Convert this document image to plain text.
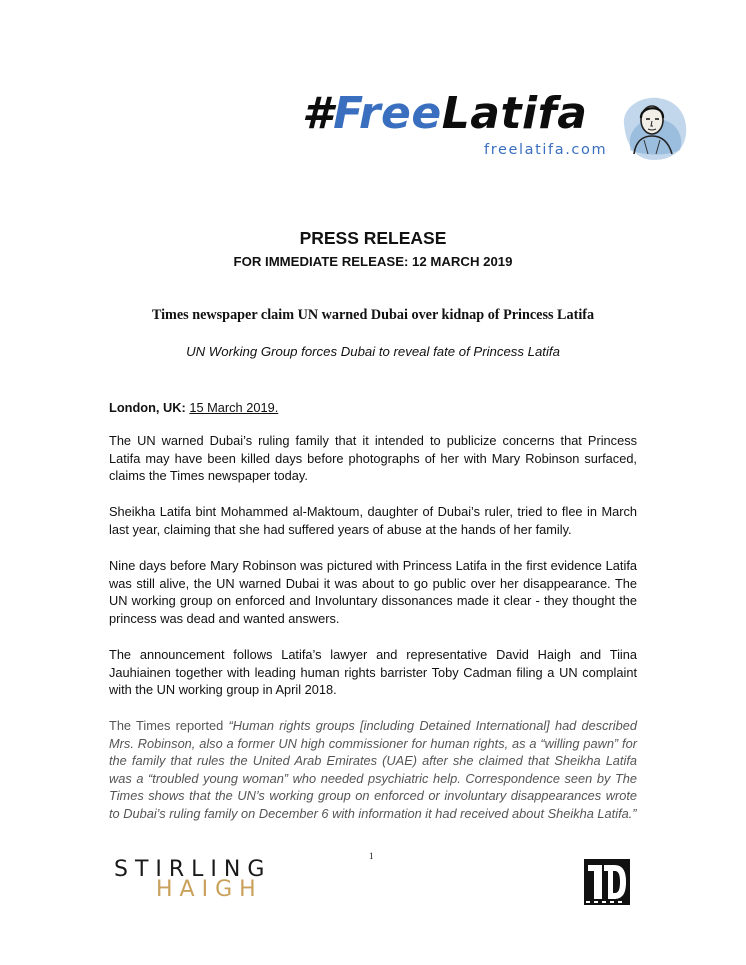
#FreeLatifa
freelatifa.com
PRESS RELEASE
FOR IMMEDIATE RELEASE: 12 MARCH 2019
Times newspaper claim UN warned Dubai over kidnap of Princess Latifa
UN Working Group forces Dubai to reveal fate of Princess Latifa
London, UK: 15 March 2019.

The UN warned Dubai’s ruling family that it intended to publicize concerns that Princess Latifa may have been killed days before photographs of her with Mary Robinson surfaced, claims the Times newspaper today.

Sheikha Latifa bint Mohammed al-Maktoum, daughter of Dubai’s ruler, tried to flee in March last year, claiming that she had suffered years of abuse at the hands of her family.

Nine days before Mary Robinson was pictured with Princess Latifa in the first evidence Latifa was still alive, the UN warned Dubai it was about to go public over her disappearance. The UN working group on enforced and Involuntary dissonances made it clear - they thought the princess was dead and wanted answers.

The announcement follows Latifa’s lawyer and representative David Haigh and Tiina Jauhiainen together with leading human rights barrister Toby Cadman filing a UN complaint with the UN working group in April 2018.

The Times reported “Human rights groups [including Detained International] had described Mrs. Robinson, also a former UN high commissioner for human rights, as a “willing pawn” for the family that rules the United Arab Emirates (UAE) after she claimed that Sheikha Latifa was a “troubled young woman” who needed psychiatric help. Correspondence seen by The Times shows that the UN’s working group on enforced or involuntary disappearances wrote to Dubai’s ruling family on December 6 with information it had received about Sheikha Latifa.”

1
STIRLING
HAIGH
